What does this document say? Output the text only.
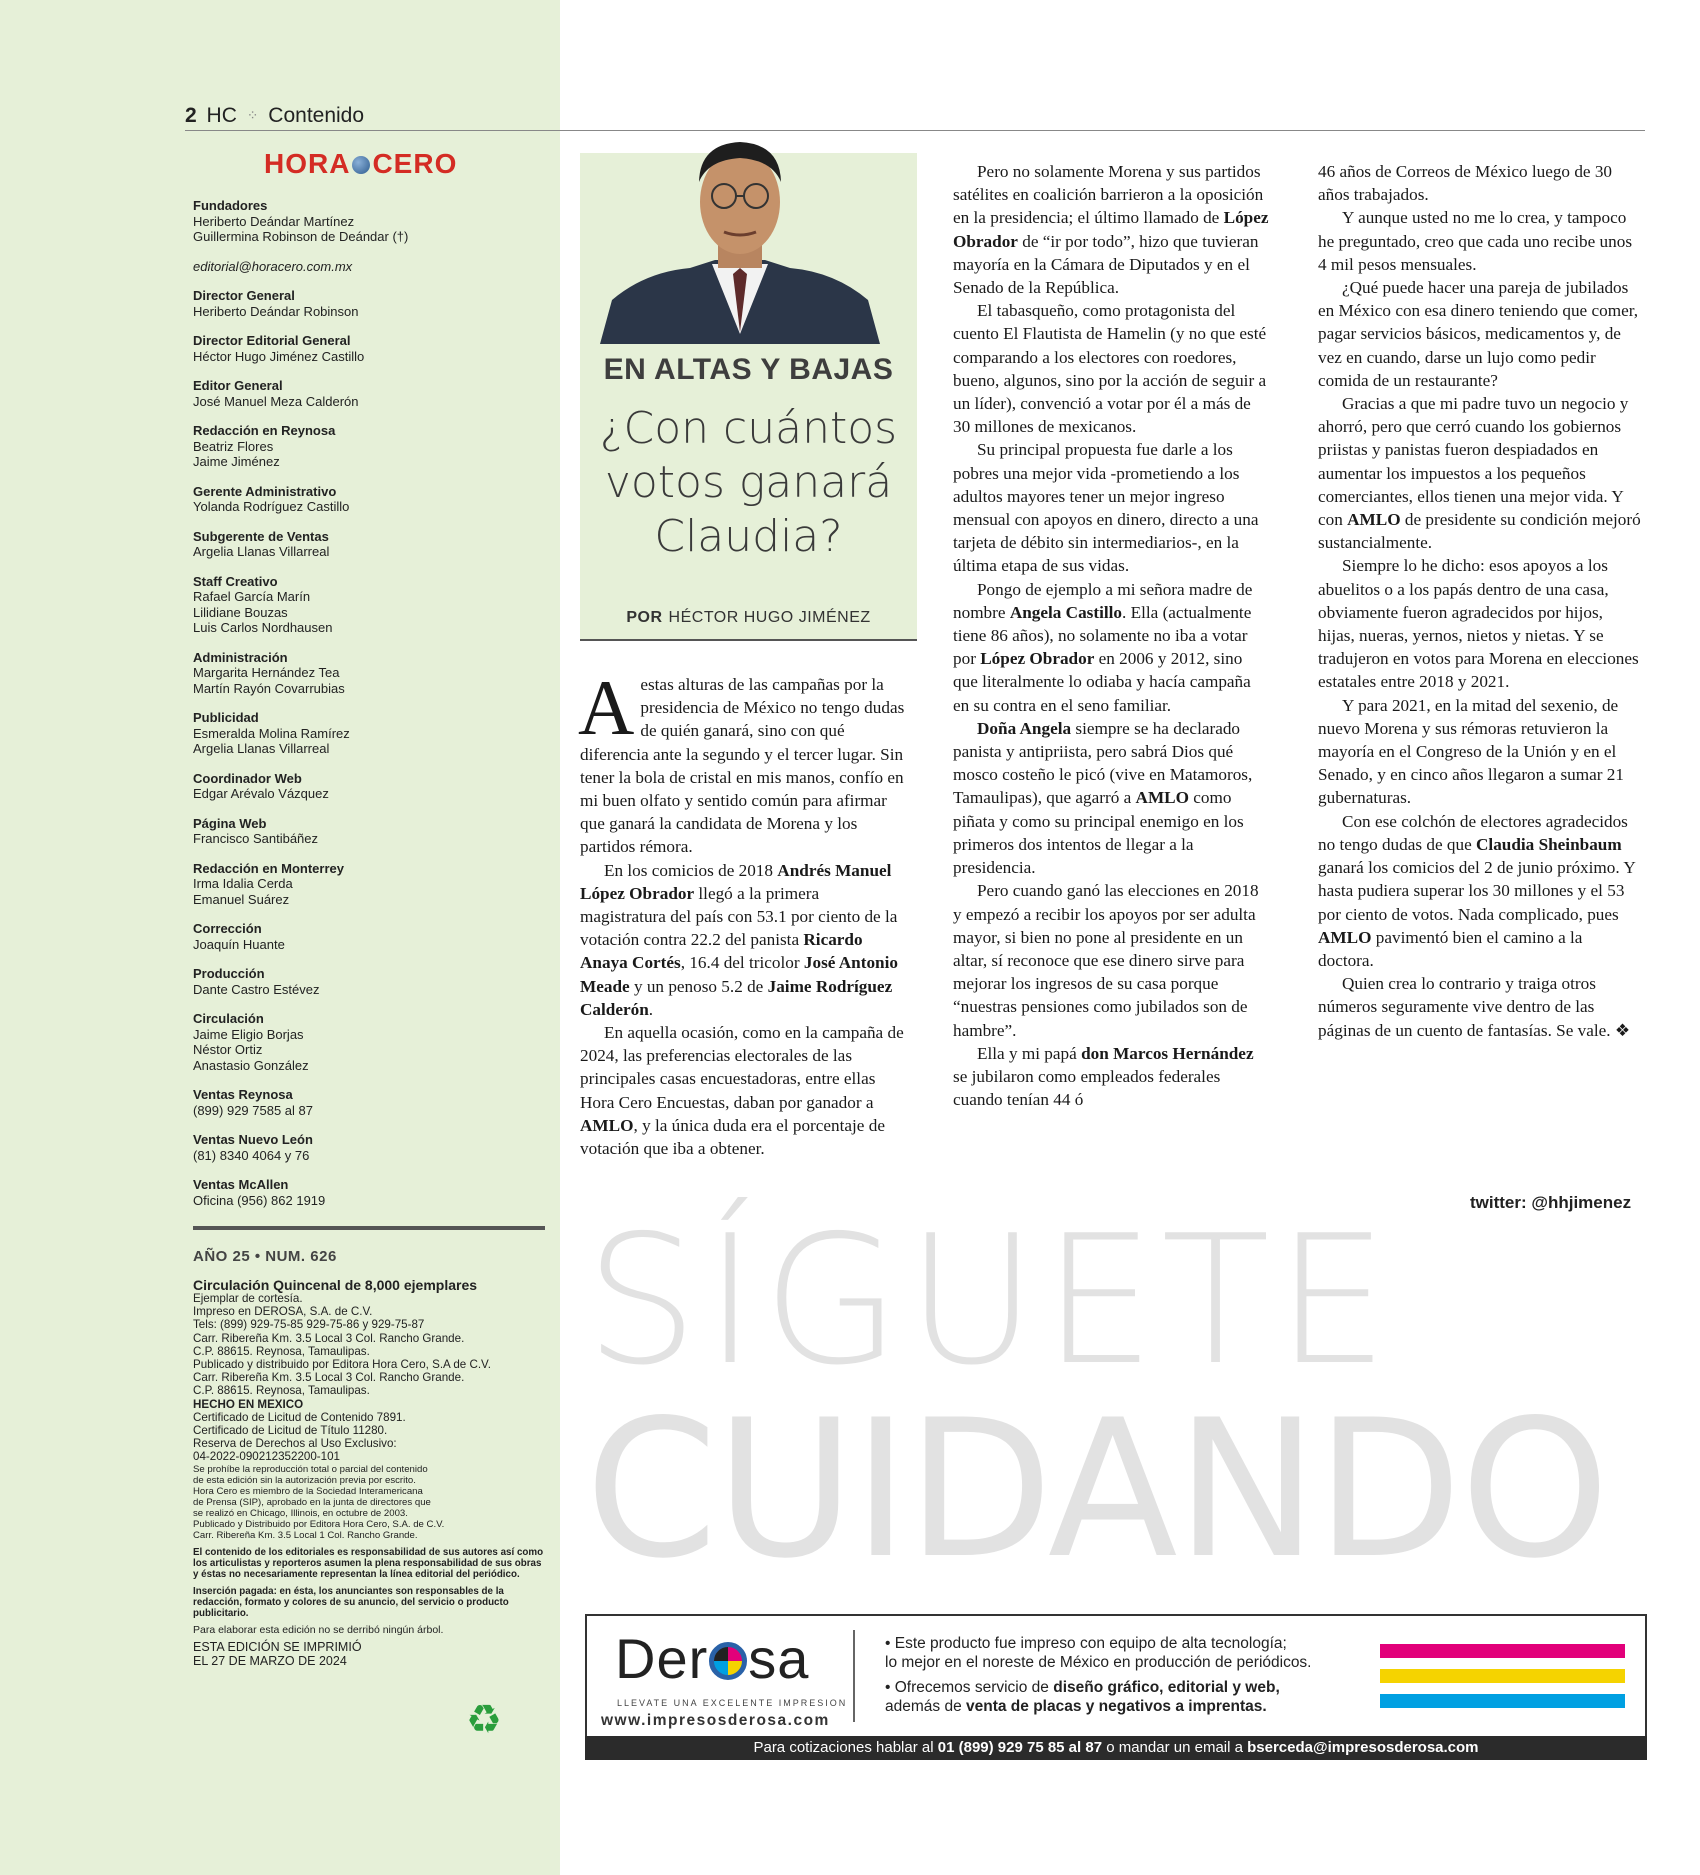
2 HC ⁘ Contenido
HORA CERO
Fundadores
Heriberto Deándar Martínez
Guillermina Robinson de Deándar (†)
editorial@horacero.com.mx
Director General
Heriberto Deándar Robinson
Director Editorial General
Héctor Hugo Jiménez Castillo
Editor General
José Manuel Meza Calderón
Redacción en Reynosa
Beatriz Flores
Jaime Jiménez
Gerente Administrativo
Yolanda Rodríguez Castillo
Subgerente de Ventas
Argelia Llanas Villarreal
Staff Creativo
Rafael García Marín
Lilidiane Bouzas
Luis Carlos Nordhausen
Administración
Margarita Hernández Tea
Martín Rayón Covarrubias
Publicidad
Esmeralda Molina Ramírez
Argelia Llanas Villarreal
Coordinador Web
Edgar Arévalo Vázquez
Página Web
Francisco Santibáñez
Redacción en Monterrey
Irma Idalia Cerda
Emanuel Suárez
Corrección
Joaquín Huante
Producción
Dante Castro Estévez
Circulación
Jaime Eligio Borjas
Néstor Ortiz
Anastasio González
Ventas Reynosa
(899) 929 7585 al 87
Ventas Nuevo León
(81) 8340 4064 y 76
Ventas McAllen
Oficina (956) 862 1919
AÑO 25 • NUM. 626
Circulación Quincenal de 8,000 ejemplares
Ejemplar de cortesía.
Impreso en DEROSA, S.A. de C.V.
Tels: (899) 929-75-85 929-75-86 y 929-75-87
Carr. Ribereña Km. 3.5 Local 3 Col. Rancho Grande.
C.P. 88615. Reynosa, Tamaulipas.
Publicado y distribuido por Editora Hora Cero, S.A de C.V.
Carr. Ribereña Km. 3.5 Local 3 Col. Rancho Grande.
C.P. 88615. Reynosa, Tamaulipas.
HECHO EN MEXICO
Certificado de Licitud de Contenido 7891.
Certificado de Licitud de Título 11280.
Reserva de Derechos al Uso Exclusivo:
04-2022-090212352200-101
Se prohíbe la reproducción total o parcial del contenido
de esta edición sin la autorización previa por escrito.
Hora Cero es miembro de la Sociedad Interamericana
de Prensa (SIP), aprobado en la junta de directores que
se realizó en Chicago, Illinois, en octubre de 2003.
Publicado y Distribuido por Editora Hora Cero, S.A. de C.V.
Carr. Ribereña Km. 3.5 Local 1 Col. Rancho Grande.
El contenido de los editoriales es responsabilidad de sus autores así como los articulistas y reporteros asumen la plena responsabilidad de sus obras y éstas no necesariamente representan la línea editorial del periódico.
Inserción pagada: en ésta, los anunciantes son responsables de la redacción, formato y colores de su anuncio, del servicio o producto publicitario.
Para elaborar esta edición no se derribó ningún árbol.
ESTA EDICIÓN SE IMPRIMIÓ
EL 27 DE MARZO DE 2024
♻
EN ALTAS Y BAJAS
¿Con cuántos
votos ganará
Claudia?
POR HÉCTOR HUGO JIMÉNEZ

Aestas alturas de las campañas por la presidencia de México no tengo dudas de quién ganará, sino con qué diferencia ante la segundo y el tercer lugar. Sin tener la bola de cristal en mis manos, confío en mi buen olfato y sentido común para afirmar que ganará la candidata de Morena y los partidos rémora.

En los comicios de 2018 Andrés Manuel López Obrador llegó a la primera magistratura del país con 53.1 por ciento de la votación contra 22.2 del panista Ricardo Anaya Cortés, 16.4 del tricolor José Antonio Meade y un penoso 5.2 de Jaime Rodríguez Calderón.

En aquella ocasión, como en la campaña de 2024, las preferencias electorales de las principales casas encuestadoras, entre ellas Hora Cero Encuestas, daban por ganador a AMLO, y la única duda era el porcentaje de votación que iba a obtener.

Pero no solamente Morena y sus partidos satélites en coalición barrieron a la oposición en la presidencia; el último llamado de López Obrador de “ir por todo”, hizo que tuvieran mayoría en la Cámara de Diputados y en el Senado de la República.

El tabasqueño, como protagonista del cuento El Flautista de Hamelin (y no que esté comparando a los electores con roedores, bueno, algunos, sino por la acción de seguir a un líder), convenció a votar por él a más de 30 millones de mexicanos.

Su principal propuesta fue darle a los pobres una mejor vida -prometiendo a los adultos mayores tener un mejor ingreso mensual con apoyos en dinero, directo a una tarjeta de débito sin intermediarios-, en la última etapa de sus vidas.

Pongo de ejemplo a mi señora madre de nombre Angela Castillo. Ella (actualmente tiene 86 años), no solamente no iba a votar por López Obrador en 2006 y 2012, sino que literalmente lo odiaba y hacía campaña en su contra en el seno familiar.

Doña Angela siempre se ha declarado panista y antipriista, pero sabrá Dios qué mosco costeño le picó (vive en Matamoros, Tamaulipas), que agarró a AMLO como piñata y como su principal enemigo en los primeros dos intentos de llegar a la presidencia.

Pero cuando ganó las elecciones en 2018 y empezó a recibir los apoyos por ser adulta mayor, si bien no pone al presidente en un altar, sí reconoce que ese dinero sirve para mejorar los ingresos de su casa porque “nuestras pensiones como jubilados son de hambre”.

Ella y mi papá don Marcos Hernández se jubilaron como empleados federales cuando tenían 44 ó

46 años de Correos de México luego de 30 años trabajados.

Y aunque usted no me lo crea, y tampoco he preguntado, creo que cada uno recibe unos 4 mil pesos mensuales.

¿Qué puede hacer una pareja de jubilados en México con esa dinero teniendo que comer, pagar servicios básicos, medicamentos y, de vez en cuando, darse un lujo como pedir comida de un restaurante?

Gracias a que mi padre tuvo un negocio y ahorró, pero que cerró cuando los gobiernos priistas y panistas fueron despiadados en aumentar los impuestos a los pequeños comerciantes, ellos tienen una mejor vida. Y con AMLO de presidente su condición mejoró sustancialmente.

Siempre lo he dicho: esos apoyos a los abuelitos o a los papás dentro de una casa, obviamente fueron agradecidos por hijos, hijas, nueras, yernos, nietos y nietas. Y se tradujeron en votos para Morena en elecciones estatales entre 2018 y 2021.

Y para 2021, en la mitad del sexenio, de nuevo Morena y sus rémoras retuvieron la mayoría en el Congreso de la Unión y en el Senado, y en cinco años llegaron a sumar 21 gubernaturas.

Con ese colchón de electores agradecidos no tengo dudas de que Claudia Sheinbaum ganará los comicios del 2 de junio próximo. Y hasta pudiera superar los 30 millones y el 53 por ciento de votos. Nada complicado, pues AMLO pavimentó bien el camino a la doctora.

Quien crea lo contrario y traiga otros números seguramente vive dentro de las páginas de un cuento de fantasías. Se vale. ❖

twitter: @hhjimenez
SÍGUETE
CUIDANDO
Der sa
LLEVATE UNA EXCELENTE IMPRESION
www.impresosderosa.com

• Este producto fue impreso con equipo de alta tecnología;
lo mejor en el noreste de México en producción de periódicos.

• Ofrecemos servicio de diseño gráfico, editorial y web,
además de venta de placas y negativos a imprentas.

Para cotizaciones hablar al 01 (899) 929 75 85 al 87 o mandar un email a bserceda@impresosderosa.com
